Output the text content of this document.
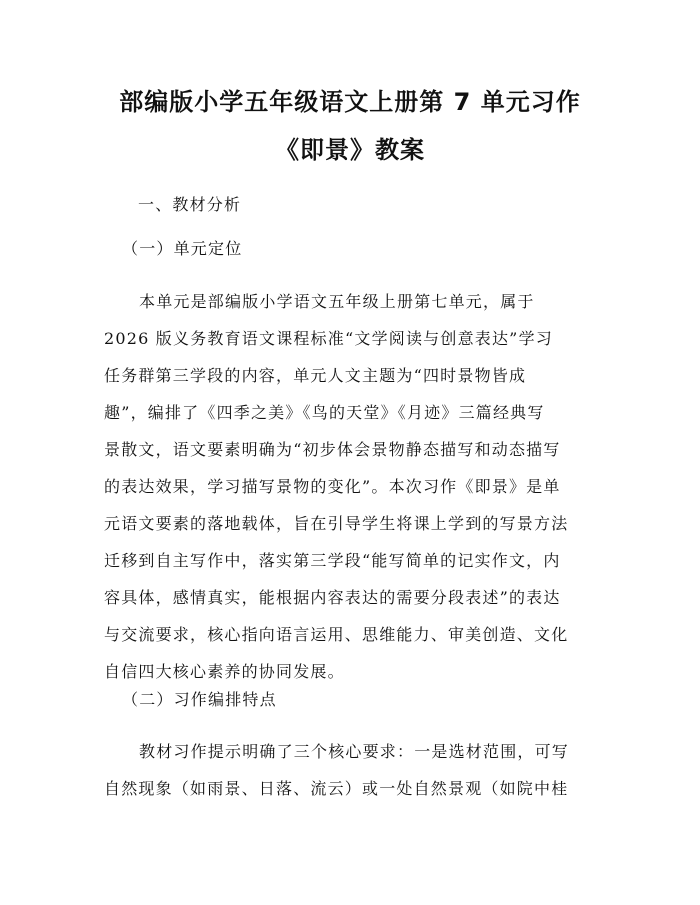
部编版小学五年级语文上册第 7 单元习作
《即景》教案
一、教材分析
（一）单元定位

本单元是部编版小学语文五年级上册第七单元，属于
2026 版义务教育语文课程标准“文学阅读与创意表达”学习
任务群第三学段的内容，单元人文主题为“四时景物皆成
趣”，编排了《四季之美》《鸟的天堂》《月迹》三篇经典写
景散文，语文要素明确为“初步体会景物静态描写和动态描写
的表达效果，学习描写景物的变化”。本次习作《即景》是单
元语文要素的落地载体，旨在引导学生将课上学到的写景方法
迁移到自主写作中，落实第三学段“能写简单的记实作文，内
容具体，感情真实，能根据内容表达的需要分段表述”的表达
与交流要求，核心指向语言运用、思维能力、审美创造、文化
自信四大核心素养的协同发展。

（二）习作编排特点

教材习作提示明确了三个核心要求：一是选材范围，可写
自然现象（如雨景、日落、流云）或一处自然景观（如院中桂
